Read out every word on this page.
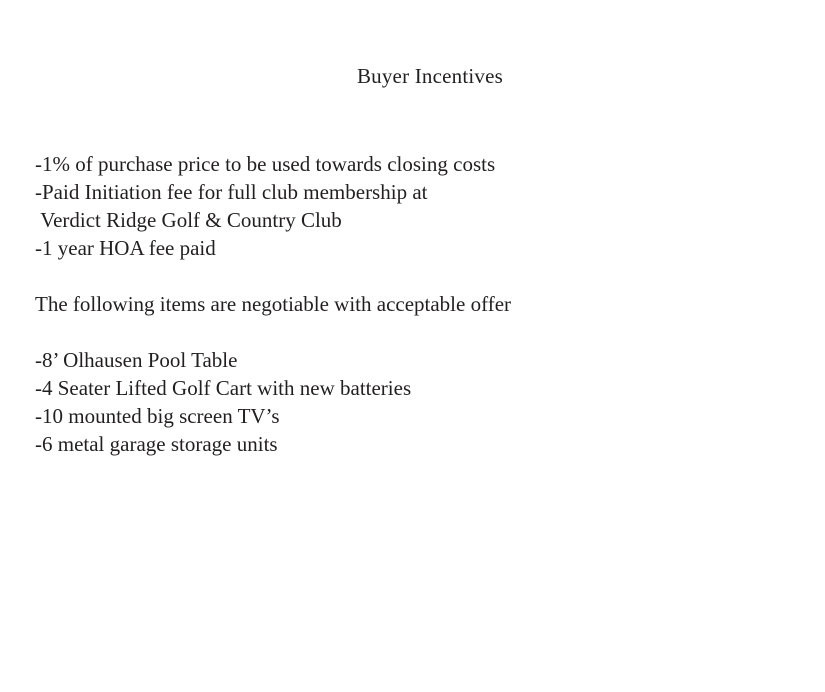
Buyer Incentives
-1% of purchase price to be used towards closing costs
-Paid Initiation fee for full club membership at
Verdict Ridge Golf & Country Club
-1 year HOA fee paid
The following items are negotiable with acceptable offer
-8’ Olhausen Pool Table
-4 Seater Lifted Golf Cart with new batteries
-10 mounted big screen TV’s
-6 metal garage storage units
